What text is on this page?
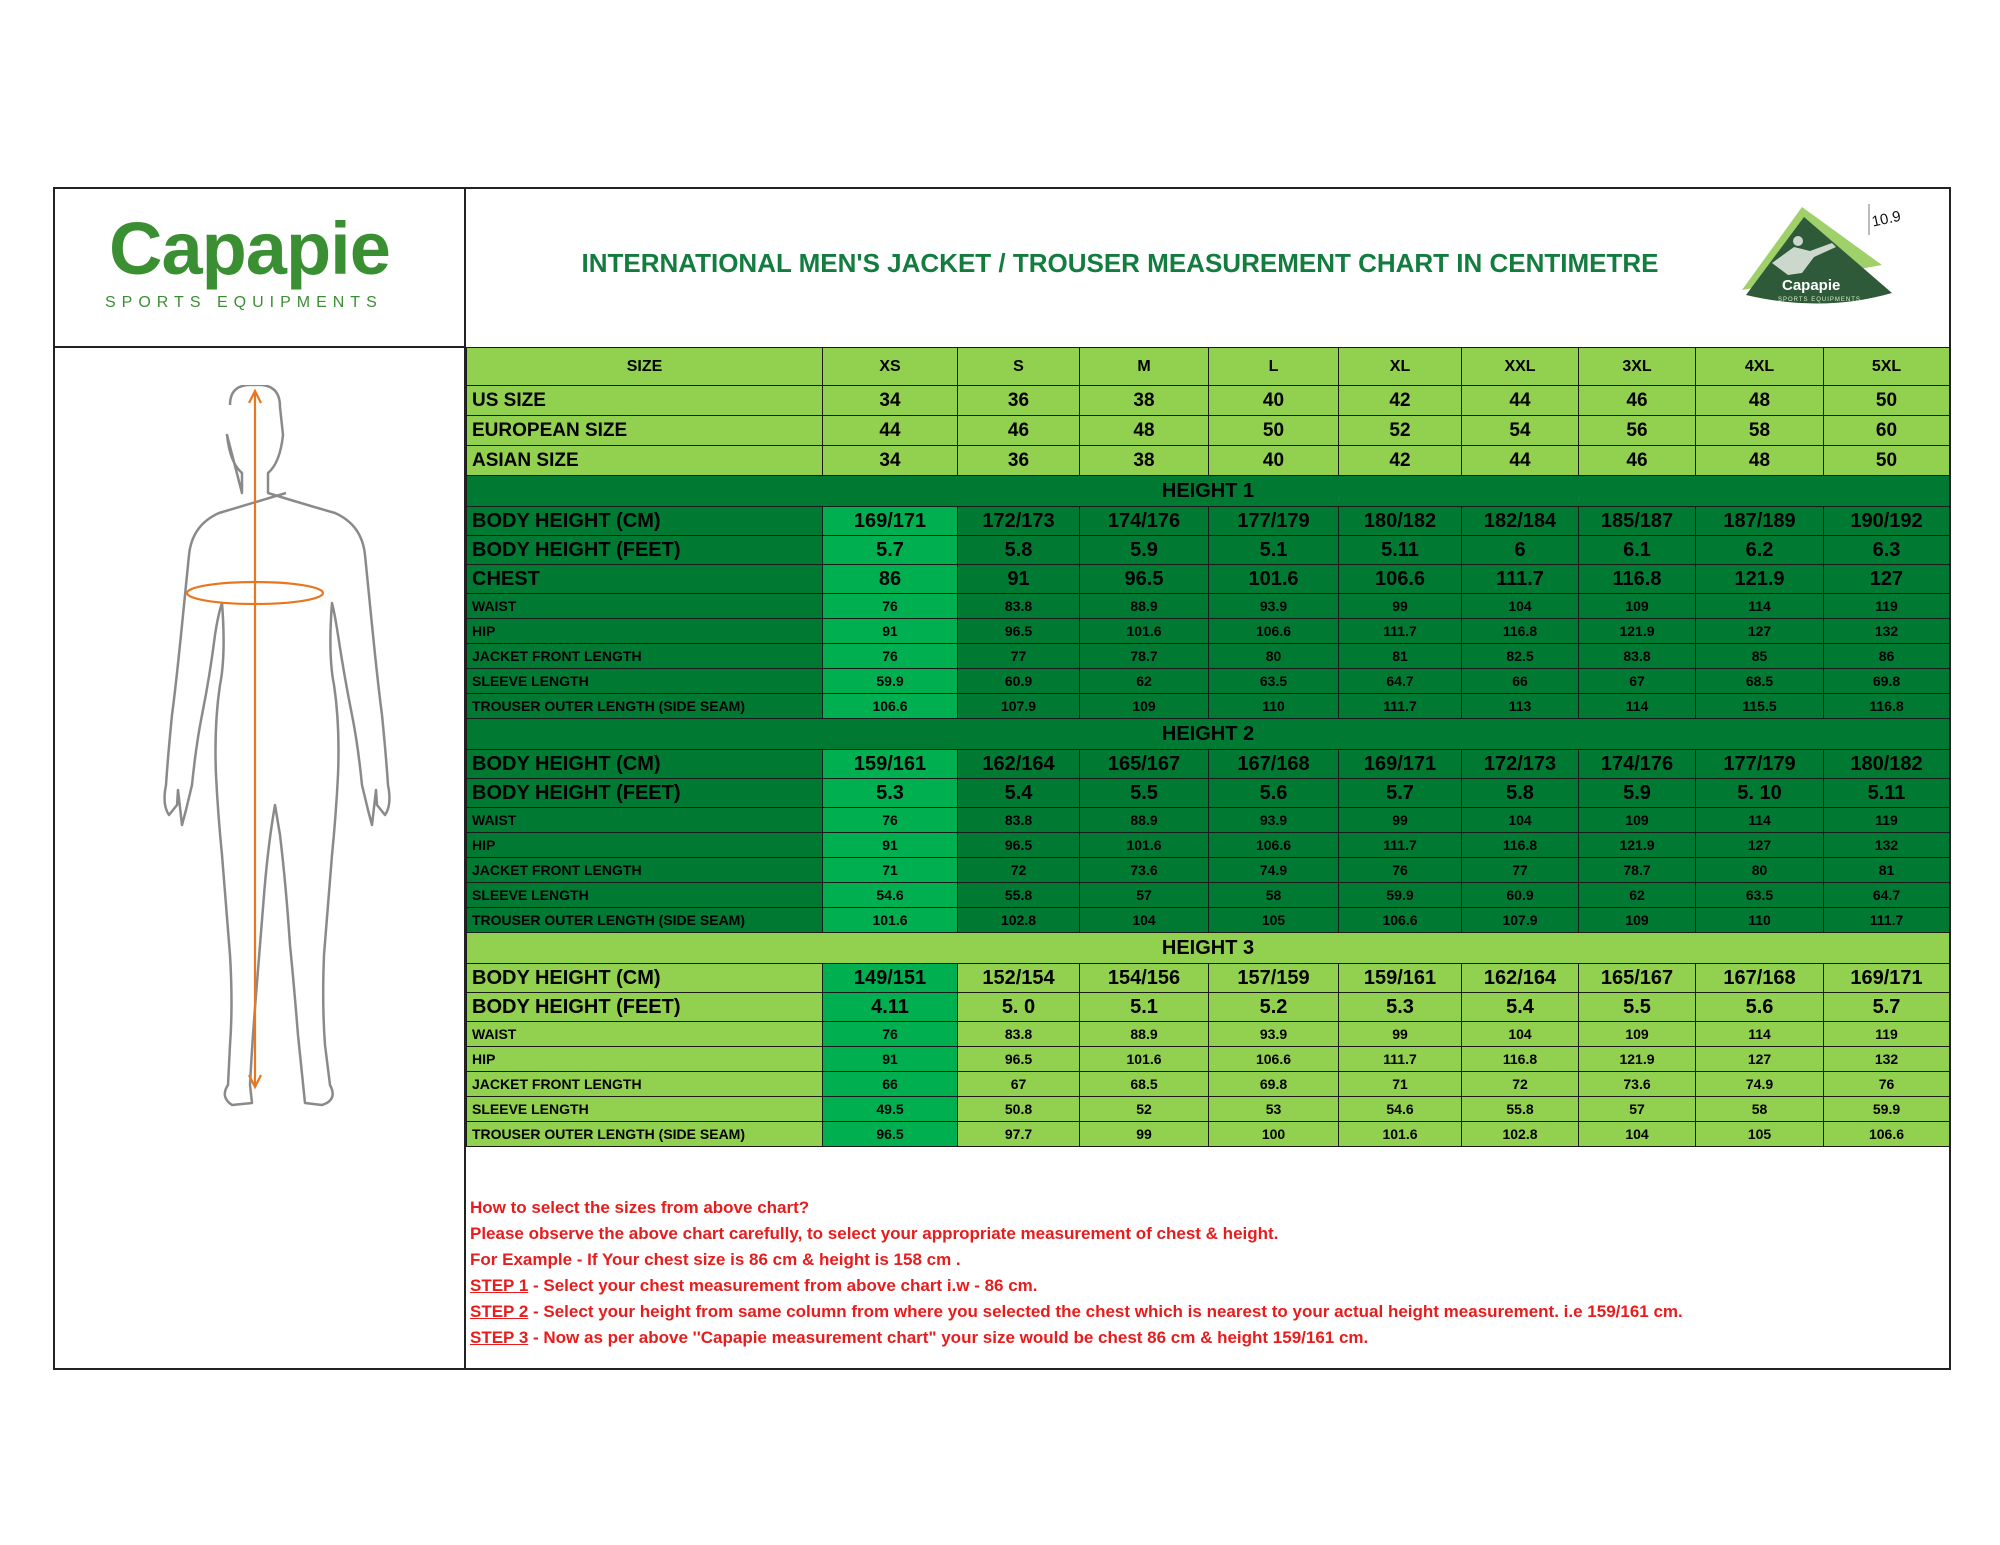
Capapie
SPORTS EQUIPMENTS
INTERNATIONAL MEN'S JACKET / TROUSER MEASUREMENT CHART IN CENTIMETRE
Capapie
SPORTS EQUIPMENTS
10.9
SIZE	XS	S	M	L	XL	XXL	3XL	4XL	5XL
US SIZE	34	36	38	40	42	44	46	48	50
EUROPEAN SIZE	44	46	48	50	52	54	56	58	60
ASIAN SIZE	34	36	38	40	42	44	46	48	50
HEIGHT 1									
BODY HEIGHT (CM)	169/171	172/173	174/176	177/179	180/182	182/184	185/187	187/189	190/192
BODY HEIGHT (FEET)	5.7	5.8	5.9	5.1	5.11	6	6.1	6.2	6.3
CHEST	86	91	96.5	101.6	106.6	111.7	116.8	121.9	127
WAIST	76	83.8	88.9	93.9	99	104	109	114	119
HIP	91	96.5	101.6	106.6	111.7	116.8	121.9	127	132
JACKET FRONT LENGTH	76	77	78.7	80	81	82.5	83.8	85	86
SLEEVE LENGTH	59.9	60.9	62	63.5	64.7	66	67	68.5	69.8
TROUSER OUTER LENGTH (SIDE SEAM)	106.6	107.9	109	110	111.7	113	114	115.5	116.8
HEIGHT 2									
BODY HEIGHT (CM)	159/161	162/164	165/167	167/168	169/171	172/173	174/176	177/179	180/182
BODY HEIGHT (FEET)	5.3	5.4	5.5	5.6	5.7	5.8	5.9	5. 10	5.11
WAIST	76	83.8	88.9	93.9	99	104	109	114	119
HIP	91	96.5	101.6	106.6	111.7	116.8	121.9	127	132
JACKET FRONT LENGTH	71	72	73.6	74.9	76	77	78.7	80	81
SLEEVE LENGTH	54.6	55.8	57	58	59.9	60.9	62	63.5	64.7
TROUSER OUTER LENGTH (SIDE SEAM)	101.6	102.8	104	105	106.6	107.9	109	110	111.7
HEIGHT 3									
BODY HEIGHT (CM)	149/151	152/154	154/156	157/159	159/161	162/164	165/167	167/168	169/171
BODY HEIGHT (FEET)	4.11	5. 0	5.1	5.2	5.3	5.4	5.5	5.6	5.7
WAIST	76	83.8	88.9	93.9	99	104	109	114	119
HIP	91	96.5	101.6	106.6	111.7	116.8	121.9	127	132
JACKET FRONT LENGTH	66	67	68.5	69.8	71	72	73.6	74.9	76
SLEEVE LENGTH	49.5	50.8	52	53	54.6	55.8	57	58	59.9
TROUSER OUTER LENGTH (SIDE SEAM)	96.5	97.7	99	100	101.6	102.8	104	105	106.6
How to select the sizes from above chart?
Please observe the above chart carefully, to select your appropriate measurement of chest & height.
For Example - If Your chest size is 86 cm & height is 158 cm .
STEP 1 - Select your chest measurement from above chart i.w - 86 cm.
STEP 2 - Select your height from same column from where you selected the chest which is nearest to your actual height measurement. i.e 159/161 cm.
STEP 3 - Now as per above ''Capapie measurement chart" your size would be chest 86 cm & height 159/161 cm.
